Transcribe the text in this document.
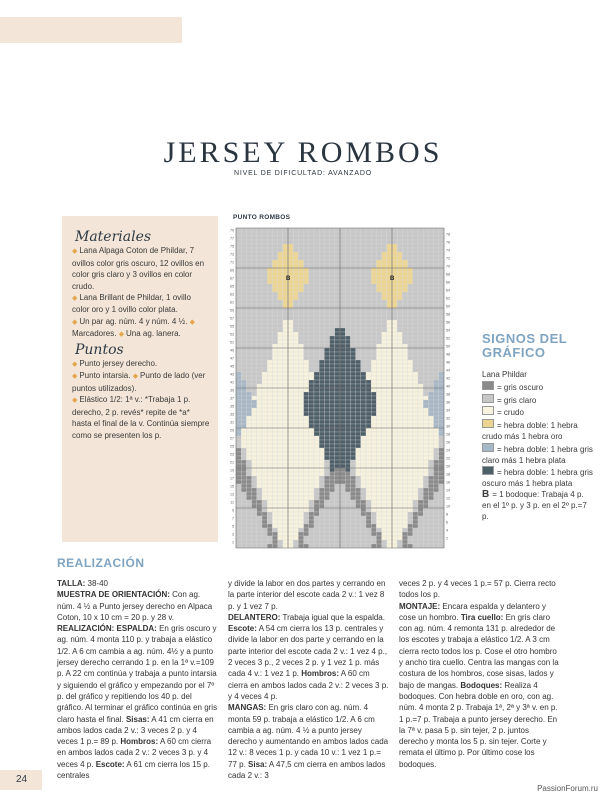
JERSEY ROMBOS
NIVEL DE DIFICULTAD: AVANZADO
Materiales

◆ Lana Alpaga Coton de Phildar, 7 ovillos color gris oscuro, 12 ovillos en color gris claro y 3 ovillos en color crudo.

◆ Lana Brillant de Phildar, 1 ovillo color oro y 1 ovillo color plata.

◆ Un par ag. núm. 4 y núm. 4 ½. ◆ Marcadores. ◆ Una ag. lanera.

Puntos

◆ Punto jersey derecho.

◆ Punto intarsia. ◆ Punto de lado (ver puntos utilizados).

◆ Elástico 1/2: 1ª v.: *Trabaja 1 p. derecho, 2 p. revés* repite de *a* hasta el final de la v. Continúa siempre como se presenten los p.

PUNTO ROMBOS
79
77
75
73
71
69
67
65
63
61
59
57
55
53
51
49
47
45
43
41
39
37
35
33
31
29
27
25
23
21
19
17
15
13
11
9
7
5
3
1
78
76
74
72
70
68
66
64
62
60
58
56
54
52
50
48
46
44
42
40
38
36
34
32
30
28
26
24
22
20
18
16
14
12
10
8
6
4
2
B	B
SIGNOS DEL GRÁFICO
Lana Phildar
= gris oscuro
= gris claro
= crudo
= hebra doble: 1 hebra crudo más 1 hebra oro
= hebra doble: 1 hebra gris claro más 1 hebra plata
= hebra doble: 1 hebra gris oscuro más 1 hebra plata
B = 1 bodoque: Trabaja 4 p. en el 1º p. y 3 p. en el 2º p.=7 p.
REALIZACIÓN
TALLA: 38-40
MUESTRA DE ORIENTACIÓN: Con ag. núm. 4 ½ a Punto jersey derecho en Alpaca Coton, 10 x 10 cm = 20 p. y 28 v.
REALIZACIÓN: ESPALDA: En gris oscuro y ag. núm. 4 monta 110 p. y trabaja a elástico 1/2. A 6 cm cambia a ag. núm. 4½ y a punto jersey derecho cerrando 1 p. en la 1ª v.=109 p. A 22 cm continúa y trabaja a punto intarsia y siguiendo el gráfico y empezando por el 7º p. del gráfico y repitiendo los 40 p. del gráfico. Al terminar el gráfico continúa en gris claro hasta el final. Sisas: A 41 cm cierra en ambos lados cada 2 v.: 3 veces 2 p. y 4 veces 1 p.= 89 p. Hombros: A 60 cm cierra en ambos lados cada 2 v.: 2 veces 3 p. y 4 veces 4 p. Escote: A 61 cm cierra los 15 p. centrales
y divide la labor en dos partes y cerrando en la parte interior del escote cada 2 v.: 1 vez 8 p. y 1 vez 7 p.
DELANTERO: Trabaja igual que la espalda. Escote: A 54 cm cierra los 13 p. centrales y divide la labor en dos parte y cerrando en la parte interior del escote cada 2 v.: 1 vez 4 p., 2 veces 3 p., 2 veces 2 p. y 1 vez 1 p. más cada 4 v.: 1 vez 1 p. Hombros: A 60 cm cierra en ambos lados cada 2 v.: 2 veces 3 p. y 4 veces 4 p.
MANGAS: En gris claro con ag. núm. 4 monta 59 p. trabaja a elástico 1/2. A 6 cm cambia a ag. núm. 4 ½ a punto jersey derecho y aumentando en ambos lados cada 12 v.: 8 veces 1 p. y cada 10 v.: 1 vez 1 p.= 77 p. Sisa: A 47,5 cm cierra en ambos lados cada 2 v.: 3
veces 2 p. y 4 veces 1 p.= 57 p. Cierra recto todos los p.
MONTAJE: Encara espalda y delantero y cose un hombro. Tira cuello: En gris claro con ag. núm. 4 remonta 131 p. alrededor de los escotes y trabaja a elástico 1/2. A 3 cm cierra recto todos los p. Cose el otro hombro y ancho tira cuello. Centra las mangas con la costura de los hombros, cose sisas, lados y bajo de mangas. Bodoques: Realiza 4 bodoques. Con hebra doble en oro, con ag. núm. 4 monta 2 p. Trabaja 1ª, 2ª y 3ª v. en p. 1 p.=7 p. Trabaja a punto jersey derecho. En la 7ª v. pasa 5 p. sin tejer, 2 p. juntos derecho y monta los 5 p. sin tejer. Corte y remata el último p. Por último cose los bodoques.
24
PassionForum.ru
